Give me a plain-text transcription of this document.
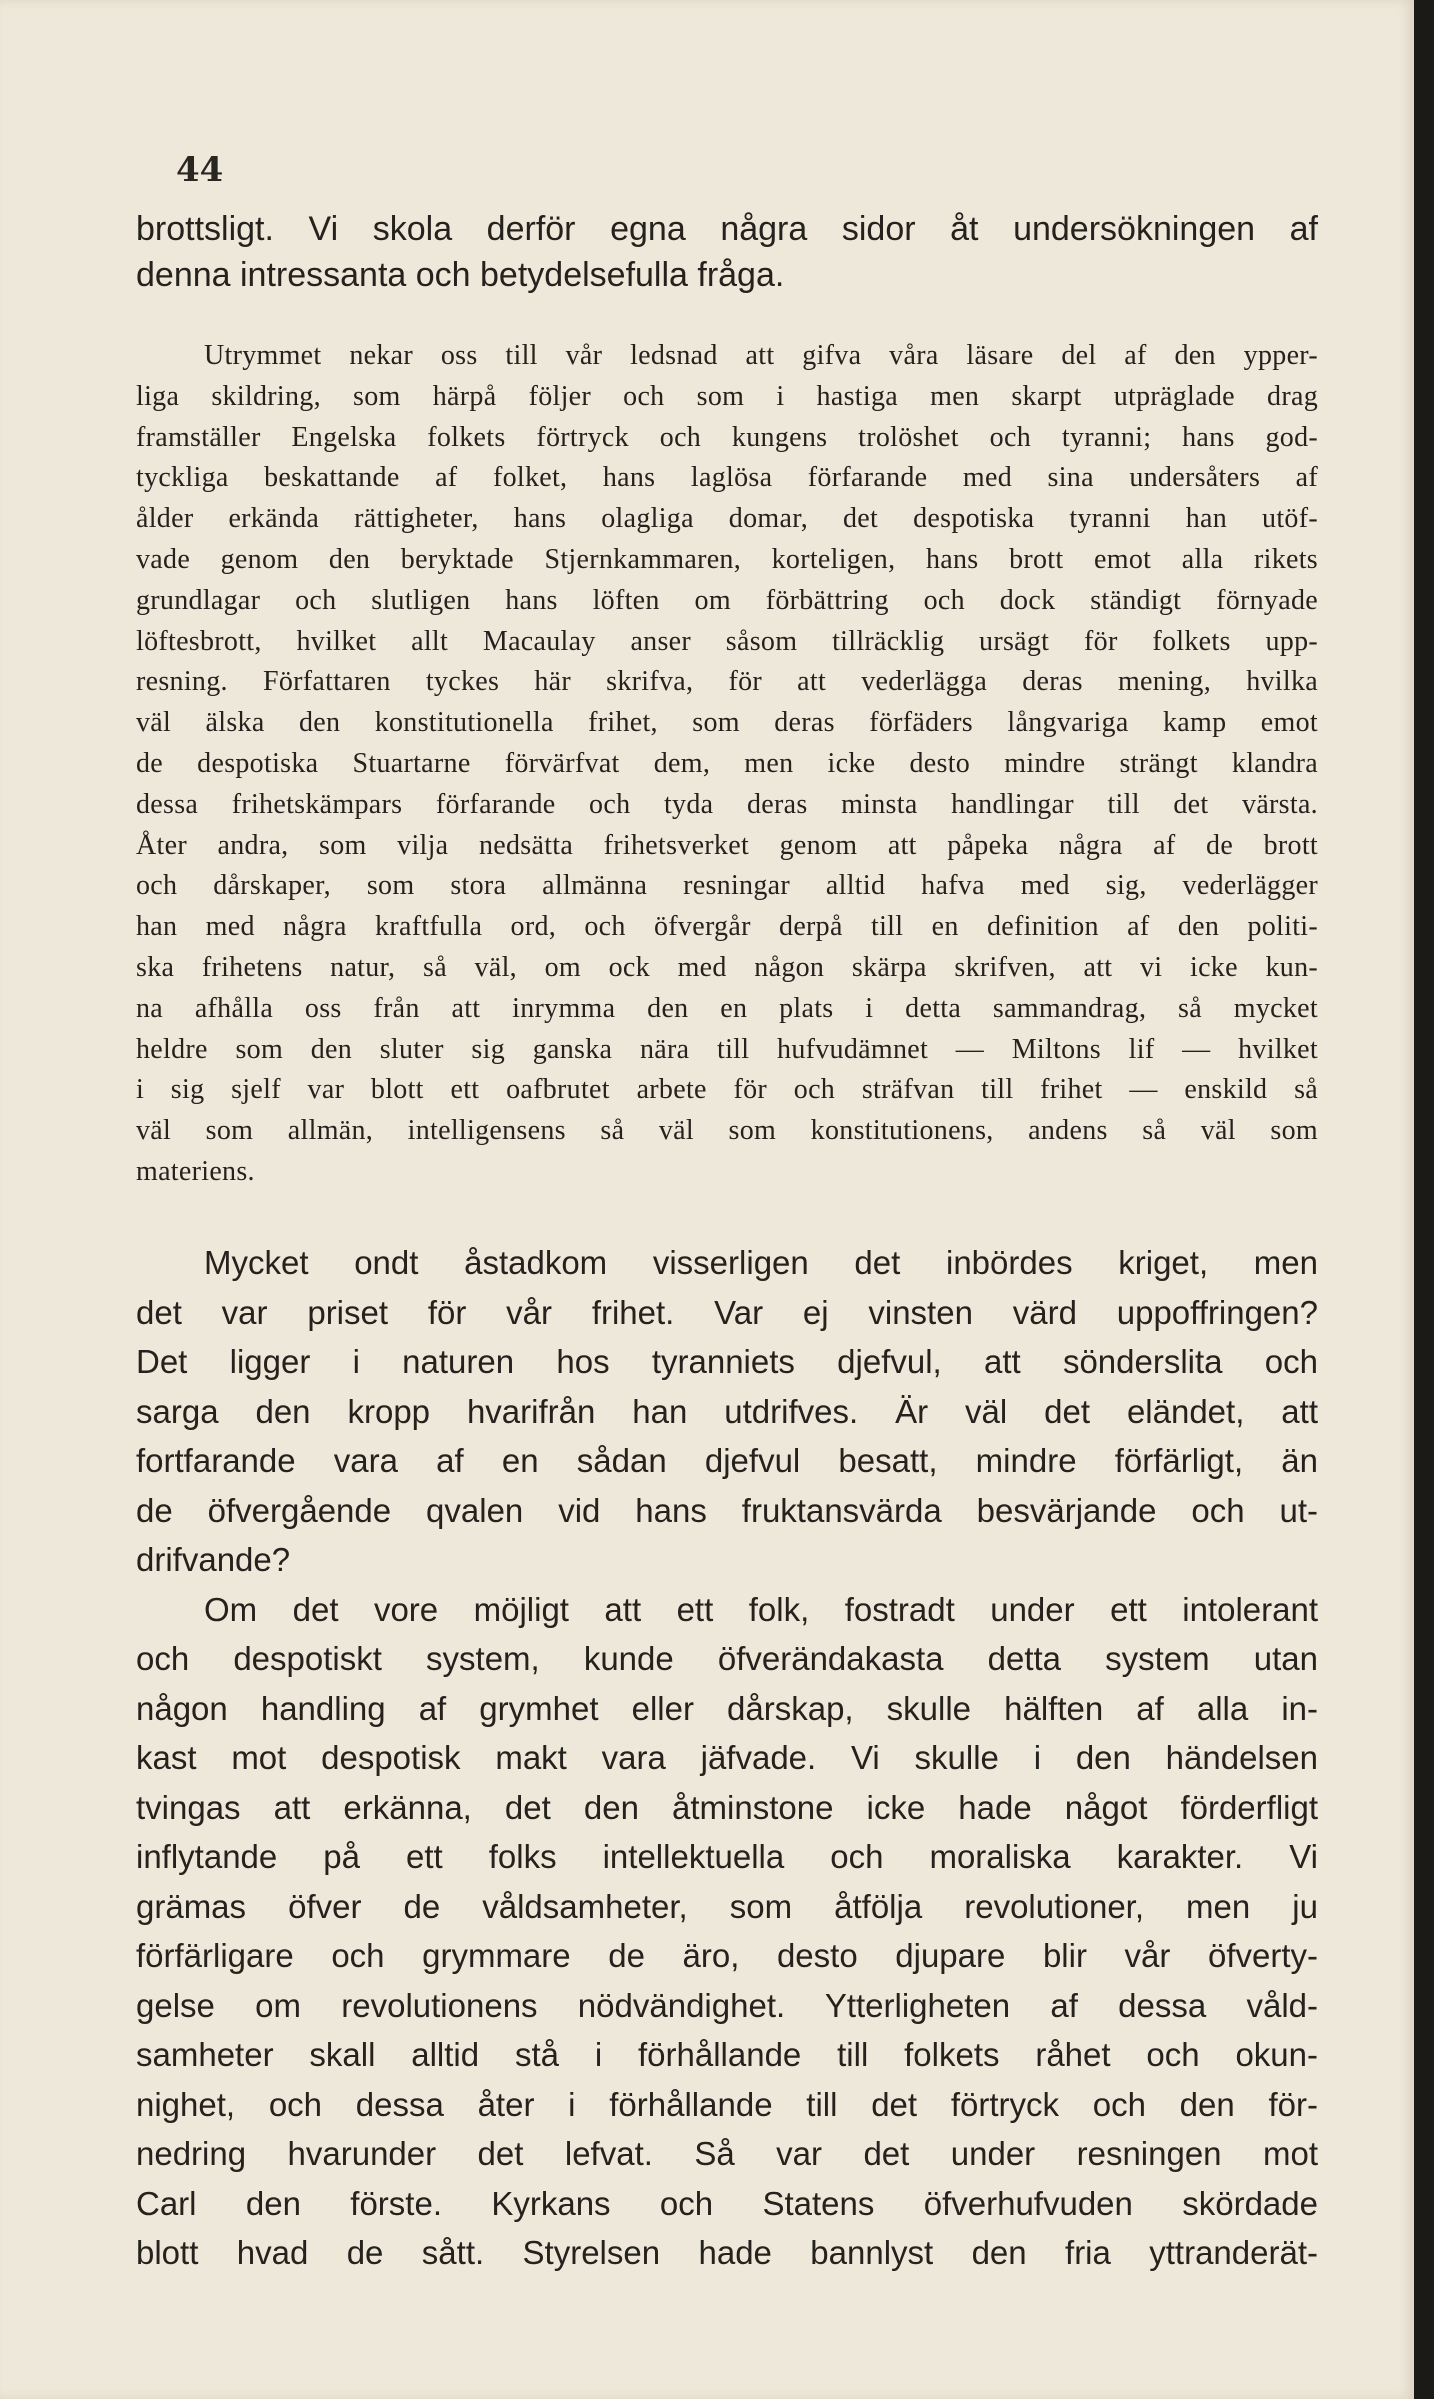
44
brottsligt. Vi skola derför egna några sidor åt undersökningen af
denna intressanta och betydelsefulla fråga.
Utrymmet nekar oss till vår ledsnad att gifva våra läsare del af den ypper-
liga skildring, som härpå följer och som i hastiga men skarpt utpräglade drag
framställer Engelska folkets förtryck och kungens trolöshet och tyranni; hans god-
tyckliga beskattande af folket, hans laglösa förfarande med sina undersåters af
ålder erkända rättigheter, hans olagliga domar, det despotiska tyranni han utöf-
vade genom den beryktade Stjernkammaren, korteligen, hans brott emot alla rikets
grundlagar och slutligen hans löften om förbättring och dock ständigt förnyade
löftesbrott, hvilket allt Macaulay anser såsom tillräcklig ursägt för folkets upp-
resning. Författaren tyckes här skrifva, för att vederlägga deras mening, hvilka
väl älska den konstitutionella frihet, som deras förfäders långvariga kamp emot
de despotiska Stuartarne förvärfvat dem, men icke desto mindre strängt klandra
dessa frihetskämpars förfarande och tyda deras minsta handlingar till det värsta.
Åter andra, som vilja nedsätta frihetsverket genom att påpeka några af de brott
och dårskaper, som stora allmänna resningar alltid hafva med sig, vederlägger
han med några kraftfulla ord, och öfvergår derpå till en definition af den politi-
ska frihetens natur, så väl, om ock med någon skärpa skrifven, att vi icke kun-
na afhålla oss från att inrymma den en plats i detta sammandrag, så mycket
heldre som den sluter sig ganska nära till hufvudämnet — Miltons lif — hvilket
i sig sjelf var blott ett oafbrutet arbete för och sträfvan till frihet — enskild så
väl som allmän, intelligensens så väl som konstitutionens, andens så väl som
materiens.
Mycket ondt åstadkom visserligen det inbördes kriget, men
det var priset för vår frihet. Var ej vinsten värd uppoffringen?
Det ligger i naturen hos tyranniets djefvul, att sönderslita och
sarga den kropp hvarifrån han utdrifves. Är väl det eländet, att
fortfarande vara af en sådan djefvul besatt, mindre förfärligt, än
de öfvergående qvalen vid hans fruktansvärda besvärjande och ut-
drifvande?
Om det vore möjligt att ett folk, fostradt under ett intolerant
och despotiskt system, kunde öfverändakasta detta system utan
någon handling af grymhet eller dårskap, skulle hälften af alla in-
kast mot despotisk makt vara jäfvade. Vi skulle i den händelsen
tvingas att erkänna, det den åtminstone icke hade något förderfligt
inflytande på ett folks intellektuella och moraliska karakter. Vi
grämas öfver de våldsamheter, som åtfölja revolutioner, men ju
förfärligare och grymmare de äro, desto djupare blir vår öfverty-
gelse om revolutionens nödvändighet. Ytterligheten af dessa våld-
samheter skall alltid stå i förhållande till folkets råhet och okun-
nighet, och dessa åter i förhållande till det förtryck och den för-
nedring hvarunder det lefvat. Så var det under resningen mot
Carl den förste. Kyrkans och Statens öfverhufvuden skördade
blott hvad de sått. Styrelsen hade bannlyst den fria yttranderät-
